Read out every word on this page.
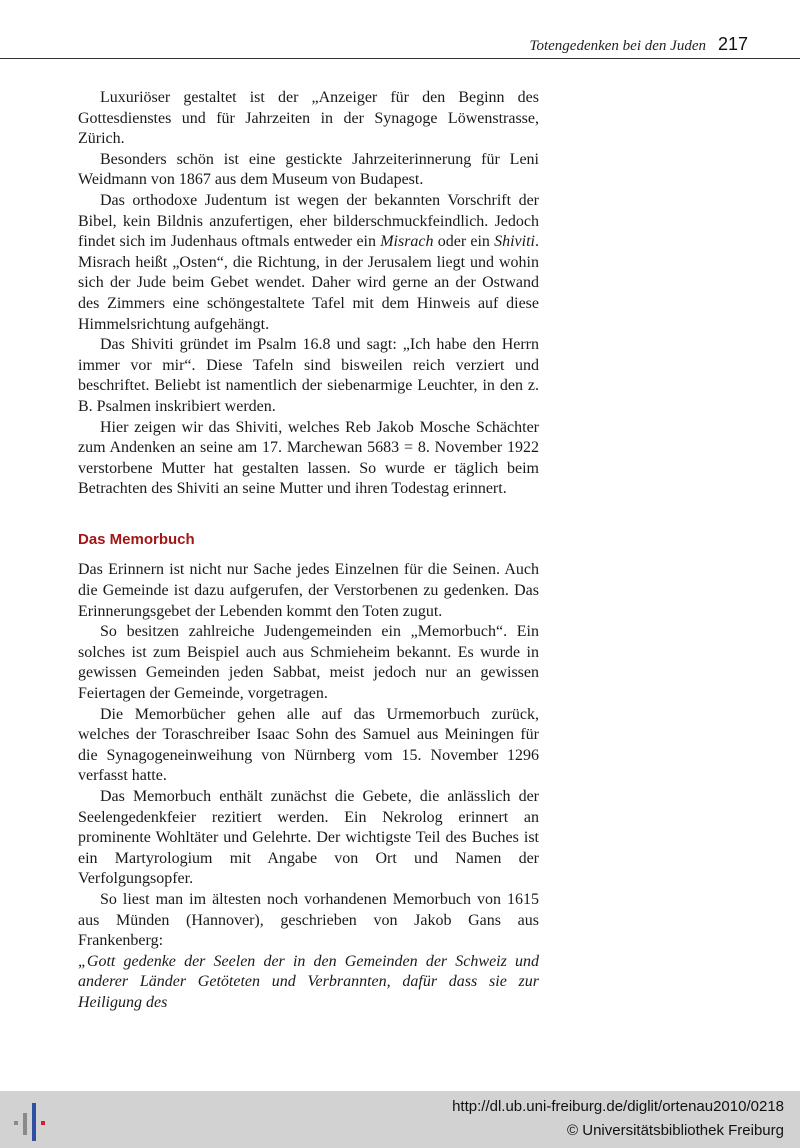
Totengedenken bei den Juden 217

Luxuriöser gestaltet ist der „Anzeiger für den Beginn des Gottesdienstes und für Jahrzeiten in der Synagoge Löwenstrasse, Zürich.

Besonders schön ist eine gestickte Jahrzeiterinnerung für Leni Weidmann von 1867 aus dem Museum von Budapest.

Das orthodoxe Judentum ist wegen der bekannten Vorschrift der Bibel, kein Bildnis anzufertigen, eher bilderschmuckfeindlich. Jedoch findet sich im Judenhaus oftmals entweder ein Misrach oder ein Shiviti. Misrach heißt „Osten“, die Richtung, in der Jerusalem liegt und wohin sich der Jude beim Gebet wendet. Daher wird gerne an der Ostwand des Zimmers eine schöngestaltete Tafel mit dem Hinweis auf diese Himmelsrichtung aufgehängt.

Das Shiviti gründet im Psalm 16.8 und sagt: „Ich habe den Herrn immer vor mir“. Diese Tafeln sind bisweilen reich verziert und beschriftet. Beliebt ist namentlich der siebenarmige Leuchter, in den z. B. Psalmen inskribiert werden.

Hier zeigen wir das Shiviti, welches Reb Jakob Mosche Schächter zum Andenken an seine am 17. Marchewan 5683 = 8. November 1922 verstorbene Mutter hat gestalten lassen. So wurde er täglich beim Betrachten des Shiviti an seine Mutter und ihren Todestag erinnert.

Das Memorbuch

Das Erinnern ist nicht nur Sache jedes Einzelnen für die Seinen. Auch die Gemeinde ist dazu aufgerufen, der Verstorbenen zu gedenken. Das Erinnerungsgebet der Lebenden kommt den Toten zugut.

So besitzen zahlreiche Judengemeinden ein „Memorbuch“. Ein solches ist zum Beispiel auch aus Schmieheim bekannt. Es wurde in gewissen Gemeinden jeden Sabbat, meist jedoch nur an gewissen Feiertagen der Gemeinde, vorgetragen.

Die Memorbücher gehen alle auf das Urmemorbuch zurück, welches der Toraschreiber Isaac Sohn des Samuel aus Meiningen für die Synagogeneinweihung von Nürnberg vom 15. November 1296 verfasst hatte.

Das Memorbuch enthält zunächst die Gebete, die anlässlich der Seelengedenkfeier rezitiert werden. Ein Nekrolog erinnert an prominente Wohltäter und Gelehrte. Der wichtigste Teil des Buches ist ein Martyrologium mit Angabe von Ort und Namen der Verfolgungsopfer.

So liest man im ältesten noch vorhandenen Memorbuch von 1615 aus Münden (Hannover), geschrieben von Jakob Gans aus Frankenberg:

„Gott gedenke der Seelen der in den Gemeinden der Schweiz und anderer Länder Getöteten und Verbrannten, dafür dass sie zur Heiligung des

http://dl.ub.uni-freiburg.de/diglit/ortenau2010/0218
© Universitätsbibliothek Freiburg
